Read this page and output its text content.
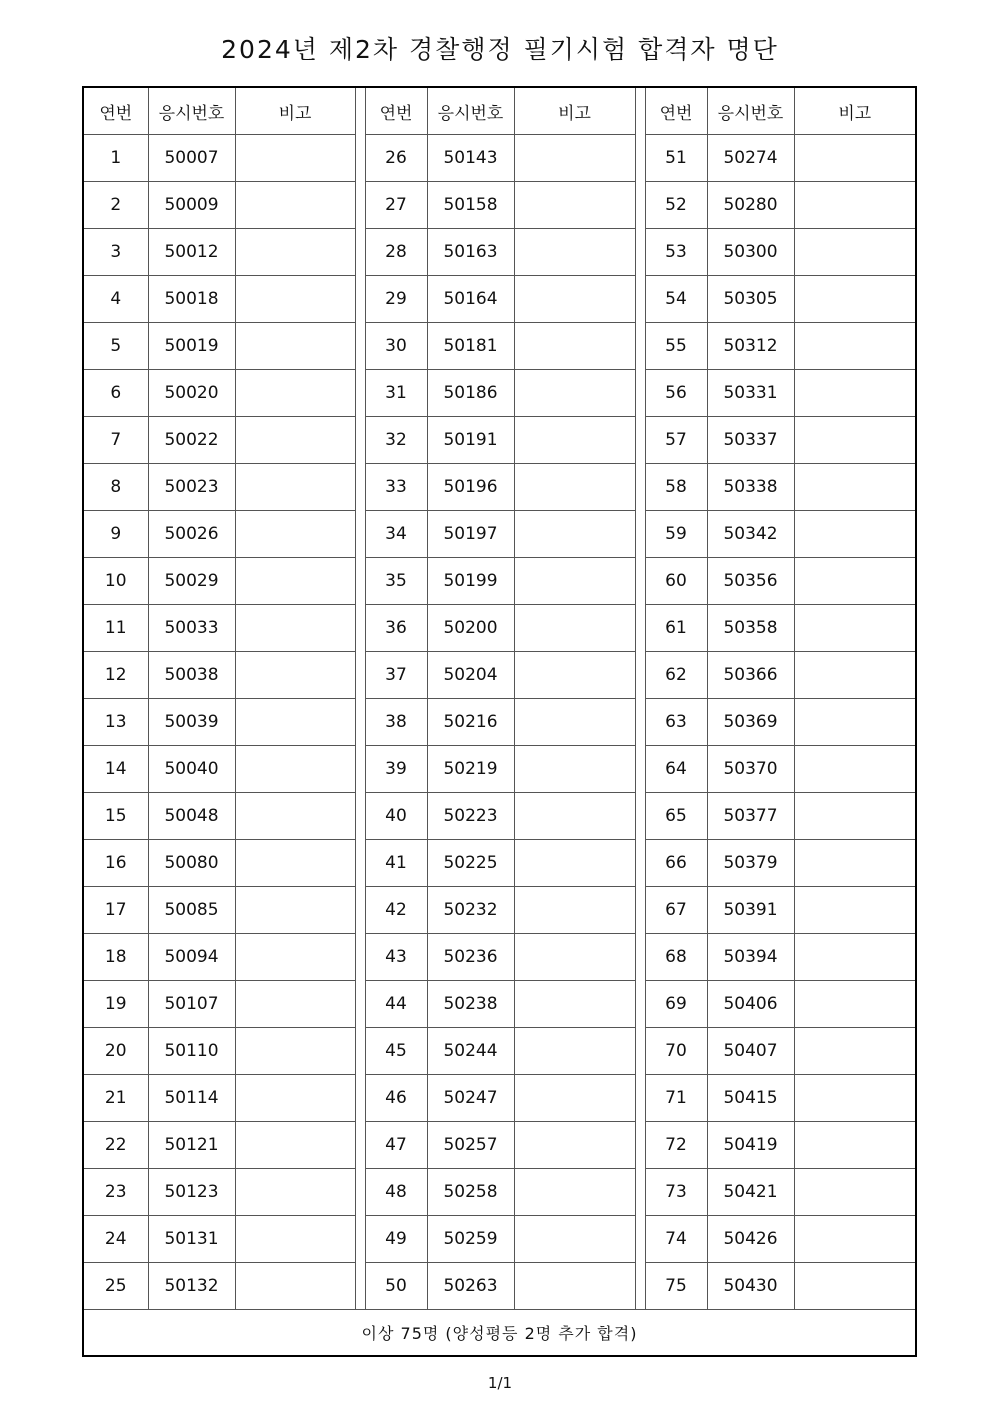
2024년 제2차 경찰행정 필기시험 합격자 명단
연번	응시번호	비고		연번	응시번호	비고		연번	응시번호	비고
1	50007			26	50143			51	50274	
2	50009			27	50158			52	50280	
3	50012			28	50163			53	50300	
4	50018			29	50164			54	50305	
5	50019			30	50181			55	50312	
6	50020			31	50186			56	50331	
7	50022			32	50191			57	50337	
8	50023			33	50196			58	50338	
9	50026			34	50197			59	50342	
10	50029			35	50199			60	50356	
11	50033			36	50200			61	50358	
12	50038			37	50204			62	50366	
13	50039			38	50216			63	50369	
14	50040			39	50219			64	50370	
15	50048			40	50223			65	50377	
16	50080			41	50225			66	50379	
17	50085			42	50232			67	50391	
18	50094			43	50236			68	50394	
19	50107			44	50238			69	50406	
20	50110			45	50244			70	50407	
21	50114			46	50247			71	50415	
22	50121			47	50257			72	50419	
23	50123			48	50258			73	50421	
24	50131			49	50259			74	50426	
25	50132			50	50263			75	50430	
이상 75명 (양성평등 2명 추가 합격)										
1/1
